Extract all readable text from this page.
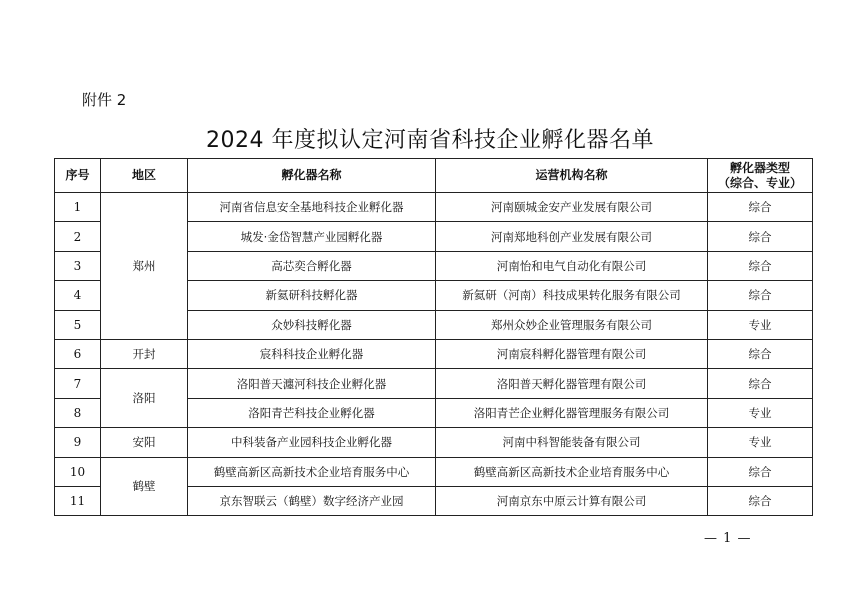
附件 2
2024 年度拟认定河南省科技企业孵化器名单
序号	地区	孵化器名称	运营机构名称	孵化器类型
（综合、专业）

1	郑州	河南省信息安全基地科技企业孵化器	河南颐城金安产业发展有限公司	综合
2		城发·金岱智慧产业园孵化器	河南郑地科创产业发展有限公司	综合
3		高芯奕合孵化器	河南怡和电气自动化有限公司	综合
4		新氦研科技孵化器	新氦研（河南）科技成果转化服务有限公司	综合
5		众妙科技孵化器	郑州众妙企业管理服务有限公司	专业
6	开封	宸科科技企业孵化器	河南宸科孵化器管理有限公司	综合
7	洛阳	洛阳普天瀍河科技企业孵化器	洛阳普天孵化器管理有限公司	综合
8		洛阳青芒科技企业孵化器	洛阳青芒企业孵化器管理服务有限公司	专业
9	安阳	中科装备产业园科技企业孵化器	河南中科智能装备有限公司	专业
10	鹤壁	鹤壁高新区高新技术企业培育服务中心	鹤壁高新区高新技术企业培育服务中心	综合
11		京东智联云（鹤壁）数字经济产业园	河南京东中原云计算有限公司	综合
— 1 —
